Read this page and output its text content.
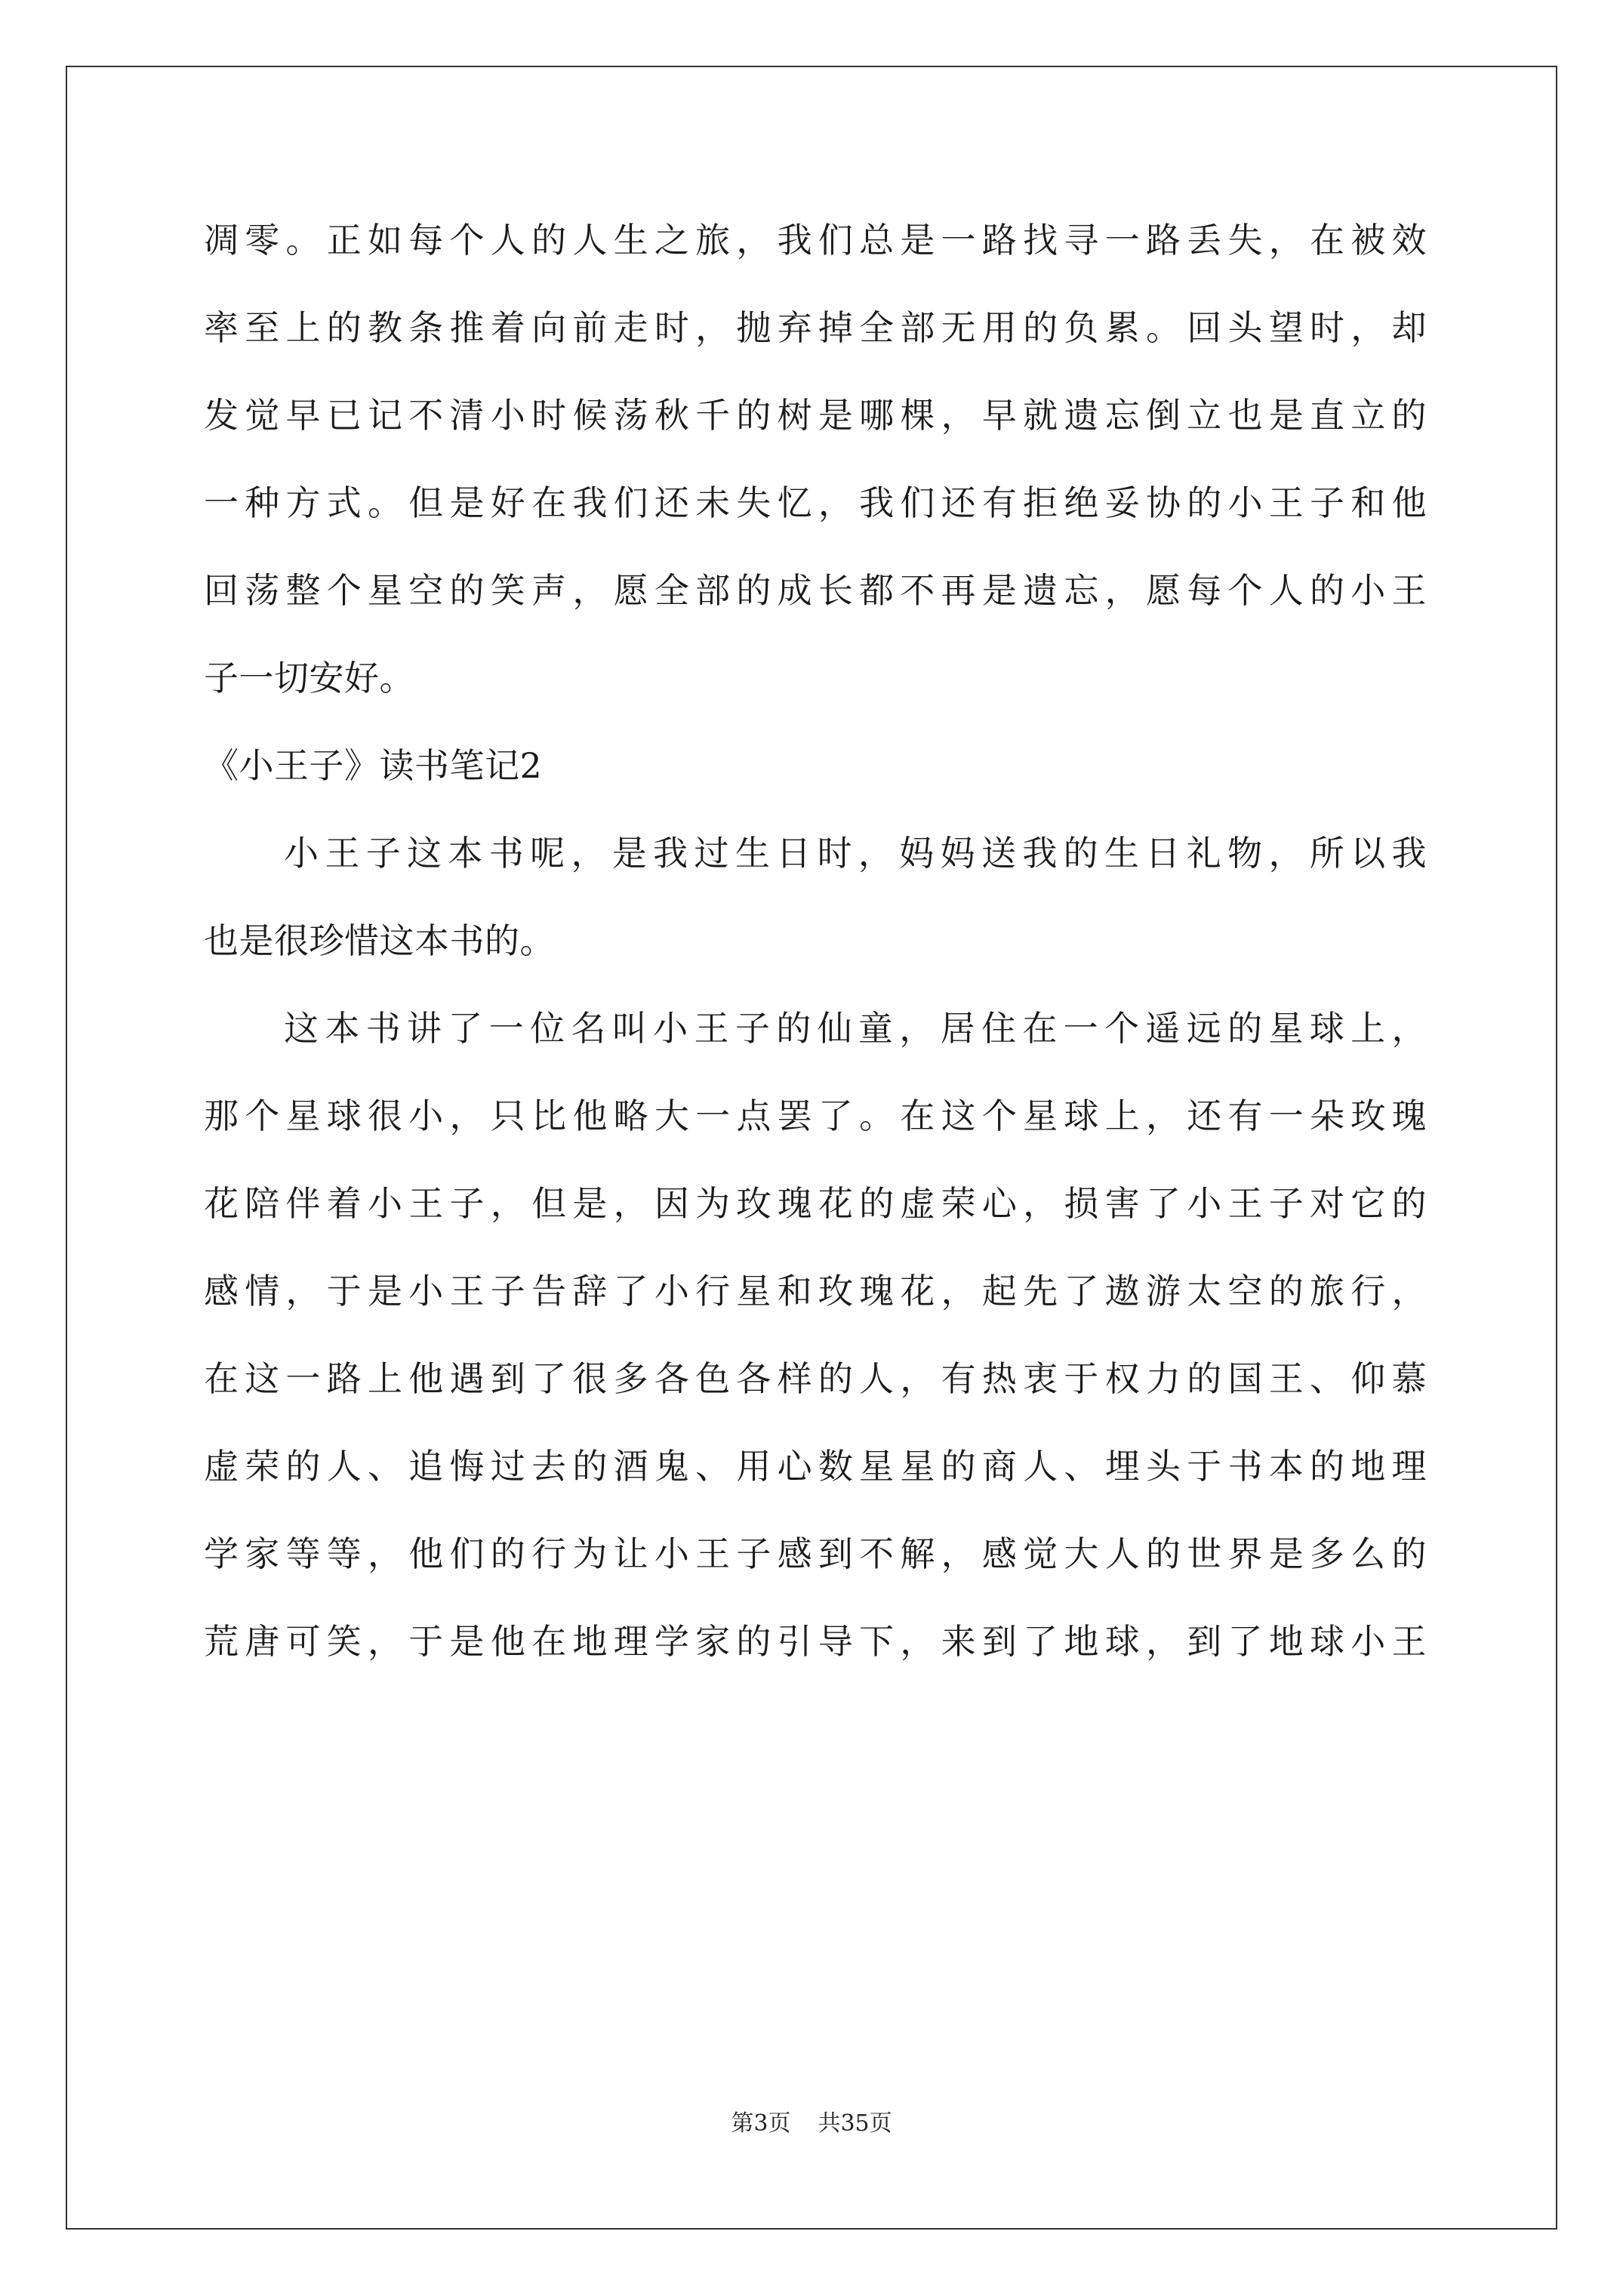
凋零。正如每个人的人生之旅，我们总是一路找寻一路丢失，在被效
率至上的教条推着向前走时，抛弃掉全部无用的负累。回头望时，却
发觉早已记不清小时候荡秋千的树是哪棵，早就遗忘倒立也是直立的
一种方式。但是好在我们还未失忆，我们还有拒绝妥协的小王子和他
回荡整个星空的笑声，愿全部的成长都不再是遗忘，愿每个人的小王
子一切安好。
《小王子》读书笔记2
小王子这本书呢，是我过生日时，妈妈送我的生日礼物，所以我
也是很珍惜这本书的。
这本书讲了一位名叫小王子的仙童，居住在一个遥远的星球上，
那个星球很小，只比他略大一点罢了。在这个星球上，还有一朵玫瑰
花陪伴着小王子，但是，因为玫瑰花的虚荣心，损害了小王子对它的
感情，于是小王子告辞了小行星和玫瑰花，起先了遨游太空的旅行，
在这一路上他遇到了很多各色各样的人，有热衷于权力的国王、仰慕
虚荣的人、追悔过去的酒鬼、用心数星星的商人、埋头于书本的地理
学家等等，他们的行为让小王子感到不解，感觉大人的世界是多么的
荒唐可笑，于是他在地理学家的引导下，来到了地球，到了地球小王
第3页 共35页
